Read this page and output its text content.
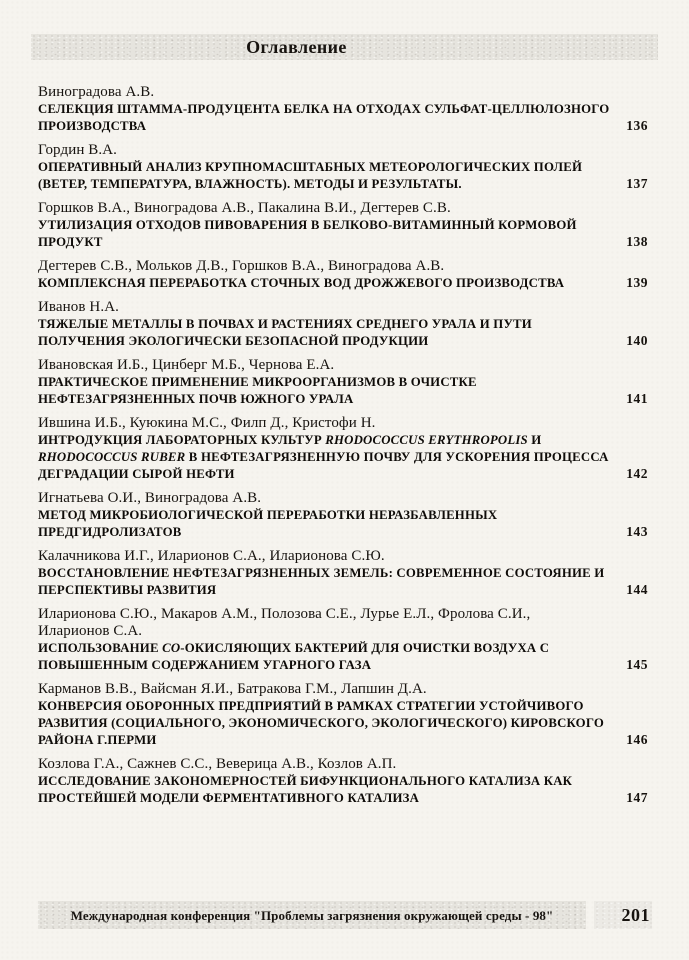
Оглавление

Виноградова А.В.

СЕЛЕКЦИЯ ШТАММА-ПРОДУЦЕНТА БЕЛКА НА ОТХОДАХ СУЛЬФАТ-ЦЕЛЛЮЛОЗНОГО
ПРОИЗВОДСТВА	136

Гордин В.А.

ОПЕРАТИВНЫЙ АНАЛИЗ КРУПНОМАСШТАБНЫХ МЕТЕОРОЛОГИЧЕСКИХ ПОЛЕЙ
(ВЕТЕР, ТЕМПЕРАТУРА, ВЛАЖНОСТЬ). МЕТОДЫ И РЕЗУЛЬТАТЫ.	137

Горшков В.А., Виноградова А.В., Пакалина В.И., Дегтерев С.В.

УТИЛИЗАЦИЯ ОТХОДОВ ПИВОВАРЕНИЯ В БЕЛКОВО-ВИТАМИННЫЙ КОРМОВОЙ
ПРОДУКТ	138

Дегтерев С.В., Мольков Д.В., Горшков В.А., Виноградова А.В.

КОМПЛЕКСНАЯ ПЕРЕРАБОТКА СТОЧНЫХ ВОД ДРОЖЖЕВОГО ПРОИЗВОДСТВА	139

Иванов Н.А.

ТЯЖЕЛЫЕ МЕТАЛЛЫ В ПОЧВАХ И РАСТЕНИЯХ СРЕДНЕГО УРАЛА И ПУТИ
ПОЛУЧЕНИЯ ЭКОЛОГИЧЕСКИ БЕЗОПАСНОЙ ПРОДУКЦИИ	140

Ивановская И.Б., Цинберг М.Б., Чернова Е.А.

ПРАКТИЧЕСКОЕ ПРИМЕНЕНИЕ МИКРООРГАНИЗМОВ В ОЧИСТКЕ
НЕФТЕЗАГРЯЗНЕННЫХ ПОЧВ ЮЖНОГО УРАЛА	141

Ившина И.Б., Куюкина М.С., Филп Д., Кристофи Н.

ИНТРОДУКЦИЯ ЛАБОРАТОРНЫХ КУЛЬТУР RHODOCOCCUS ERYTHROPOLIS И
RHODOCOCCUS RUBER В НЕФТЕЗАГРЯЗНЕННУЮ ПОЧВУ ДЛЯ УСКОРЕНИЯ ПРОЦЕССА
ДЕГРАДАЦИИ СЫРОЙ НЕФТИ	142

Игнатьева О.И., Виноградова А.В.

МЕТОД МИКРОБИОЛОГИЧЕСКОЙ ПЕРЕРАБОТКИ НЕРАЗБАВЛЕННЫХ
ПРЕДГИДРОЛИЗАТОВ	143

Калачникова И.Г., Иларионов С.А., Иларионова С.Ю.

ВОССТАНОВЛЕНИЕ НЕФТЕЗАГРЯЗНЕННЫХ ЗЕМЕЛЬ: СОВРЕМЕННОЕ СОСТОЯНИЕ И
ПЕРСПЕКТИВЫ РАЗВИТИЯ	144

Иларионова С.Ю., Макаров А.М., Полозова С.Е., Лурье Е.Л., Фролова С.И.,
Иларионов С.А.

ИСПОЛЬЗОВАНИЕ CO-ОКИСЛЯЮЩИХ БАКТЕРИЙ ДЛЯ ОЧИСТКИ ВОЗДУХА С
ПОВЫШЕННЫМ СОДЕРЖАНИЕМ УГАРНОГО ГАЗА	145

Карманов В.В., Вайсман Я.И., Батракова Г.М., Лапшин Д.А.

КОНВЕРСИЯ ОБОРОННЫХ ПРЕДПРИЯТИЙ В РАМКАХ СТРАТЕГИИ УСТОЙЧИВОГО
РАЗВИТИЯ (СОЦИАЛЬНОГО, ЭКОНОМИЧЕСКОГО, ЭКОЛОГИЧЕСКОГО) КИРОВСКОГО
РАЙОНА Г.ПЕРМИ	146

Козлова Г.А., Сажнев С.С., Веверица А.В., Козлов А.П.

ИССЛЕДОВАНИЕ ЗАКОНОМЕРНОСТЕЙ БИФУНКЦИОНАЛЬНОГО КАТАЛИЗА КАК
ПРОСТЕЙШЕЙ МОДЕЛИ ФЕРМЕНТАТИВНОГО КАТАЛИЗА	147
Международная конференция "Проблемы загрязнения окружающей среды - 98"	201
